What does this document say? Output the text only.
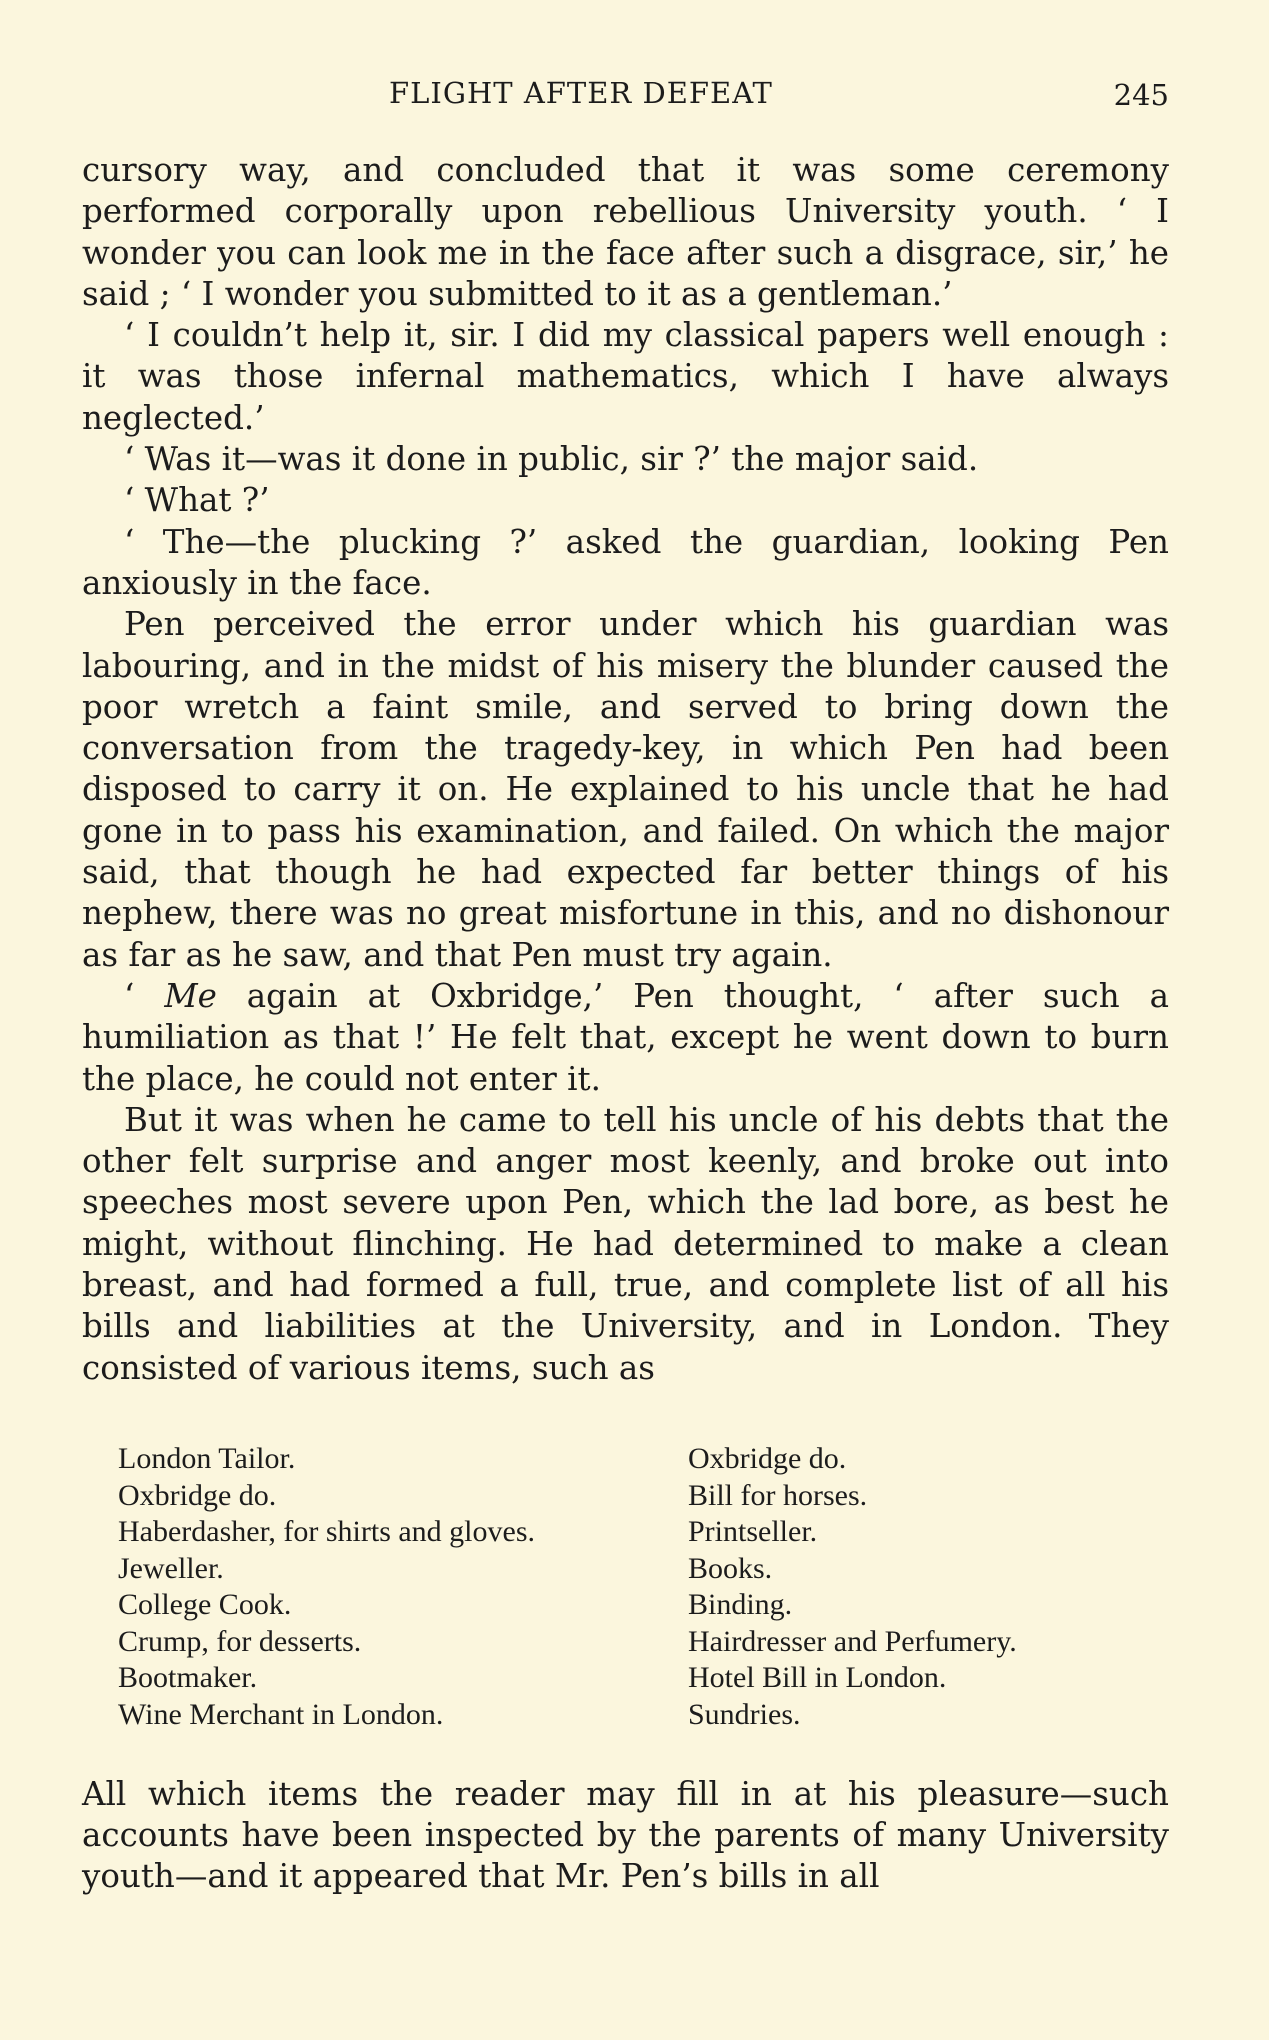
FLIGHT AFTER DEFEAT	245

cursory way, and concluded that it was some ceremony performed corporally upon rebellious University youth. ‘ I wonder you can look me in the face after such a disgrace, sir,’ he said ; ‘ I wonder you submitted to it as a gentleman.’

‘ I couldn’t help it, sir. I did my classical papers well enough : it was those infernal mathematics, which I have always neglected.’

‘ Was it—was it done in public, sir ?’ the major said.

‘ What ?’

‘ The—the plucking ?’ asked the guardian, looking Pen anxiously in the face.

Pen perceived the error under which his guardian was labouring, and in the midst of his misery the blunder caused the poor wretch a faint smile, and served to bring down the conversation from the tragedy-key, in which Pen had been disposed to carry it on. He explained to his uncle that he had gone in to pass his examination, and failed. On which the major said, that though he had expected far better things of his nephew, there was no great misfortune in this, and no dishonour as far as he saw, and that Pen must try again.

‘ Me again at Oxbridge,’ Pen thought, ‘ after such a humiliation as that !’ He felt that, except he went down to burn the place, he could not enter it.

But it was when he came to tell his uncle of his debts that the other felt surprise and anger most keenly, and broke out into speeches most severe upon Pen, which the lad bore, as best he might, without flinching. He had determined to make a clean breast, and had formed a full, true, and complete list of all his bills and liabilities at the University, and in London. They consisted of various items, such as

London Tailor.	Oxbridge do.
Oxbridge do.	Bill for horses.
Haberdasher, for shirts and gloves.	Printseller.
Jeweller.	Books.
College Cook.	Binding.
Crump, for desserts.	Hairdresser and Perfumery.
Bootmaker.	Hotel Bill in London.
Wine Merchant in London.	Sundries.

All which items the reader may fill in at his pleasure—such accounts have been inspected by the parents of many University youth—and it appeared that Mr. Pen’s bills in all
